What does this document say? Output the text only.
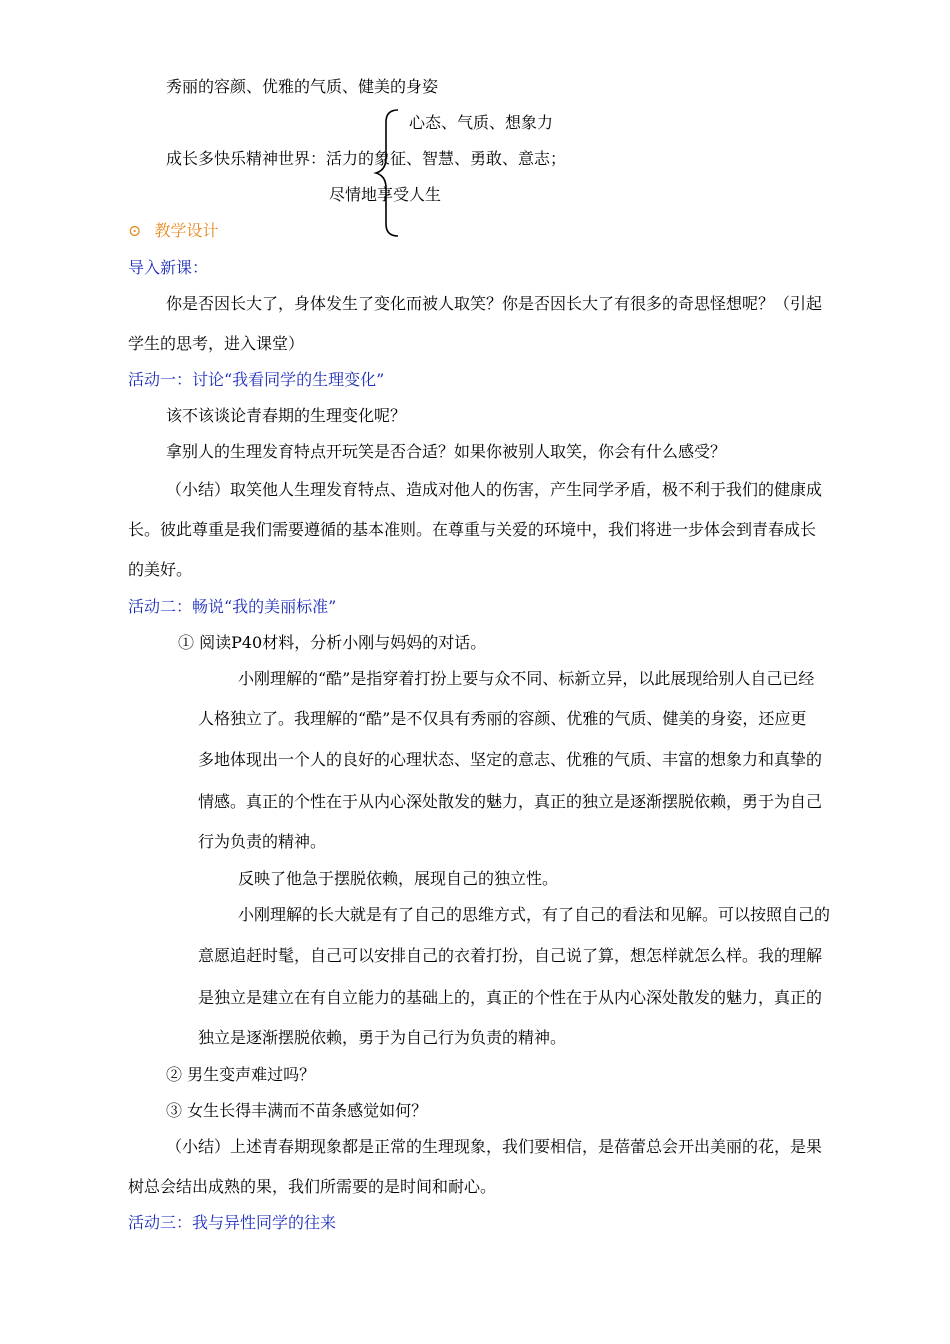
秀丽的容颜、优雅的气质、健美的身姿
心态、气质、想象力
成长多快乐精神世界：活力的象征、智慧、勇敢、意志；
尽情地享受人生
⊙ 教学设计
导入新课：
你是否因长大了，身体发生了变化而被人取笑？你是否因长大了有很多的奇思怪想呢？（引起
学生的思考，进入课堂）
活动一：讨论“我看同学的生理变化”
该不该谈论青春期的生理变化呢？
拿别人的生理发育特点开玩笑是否合适？如果你被别人取笑，你会有什么感受？
（小结）取笑他人生理发育特点、造成对他人的伤害，产生同学矛盾，极不利于我们的健康成
长。彼此尊重是我们需要遵循的基本准则。在尊重与关爱的环境中，我们将进一步体会到青春成长
的美好。
活动二：畅说“我的美丽标准”
① 阅读P40材料，分析小刚与妈妈的对话。
小刚理解的“酷”是指穿着打扮上要与众不同、标新立异，以此展现给别人自己已经
人格独立了。我理解的“酷”是不仅具有秀丽的容颜、优雅的气质、健美的身姿，还应更
多地体现出一个人的良好的心理状态、坚定的意志、优雅的气质、丰富的想象力和真挚的
情感。真正的个性在于从内心深处散发的魅力，真正的独立是逐渐摆脱依赖，勇于为自己
行为负责的精神。
反映了他急于摆脱依赖，展现自己的独立性。
小刚理解的长大就是有了自己的思维方式，有了自己的看法和见解。可以按照自己的
意愿追赶时髦，自己可以安排自己的衣着打扮，自己说了算，想怎样就怎么样。我的理解
是独立是建立在有自立能力的基础上的，真正的个性在于从内心深处散发的魅力，真正的
独立是逐渐摆脱依赖，勇于为自己行为负责的精神。
② 男生变声难过吗？
③ 女生长得丰满而不苗条感觉如何？
（小结）上述青春期现象都是正常的生理现象，我们要相信，是蓓蕾总会开出美丽的花，是果
树总会结出成熟的果，我们所需要的是时间和耐心。
活动三：我与异性同学的往来
